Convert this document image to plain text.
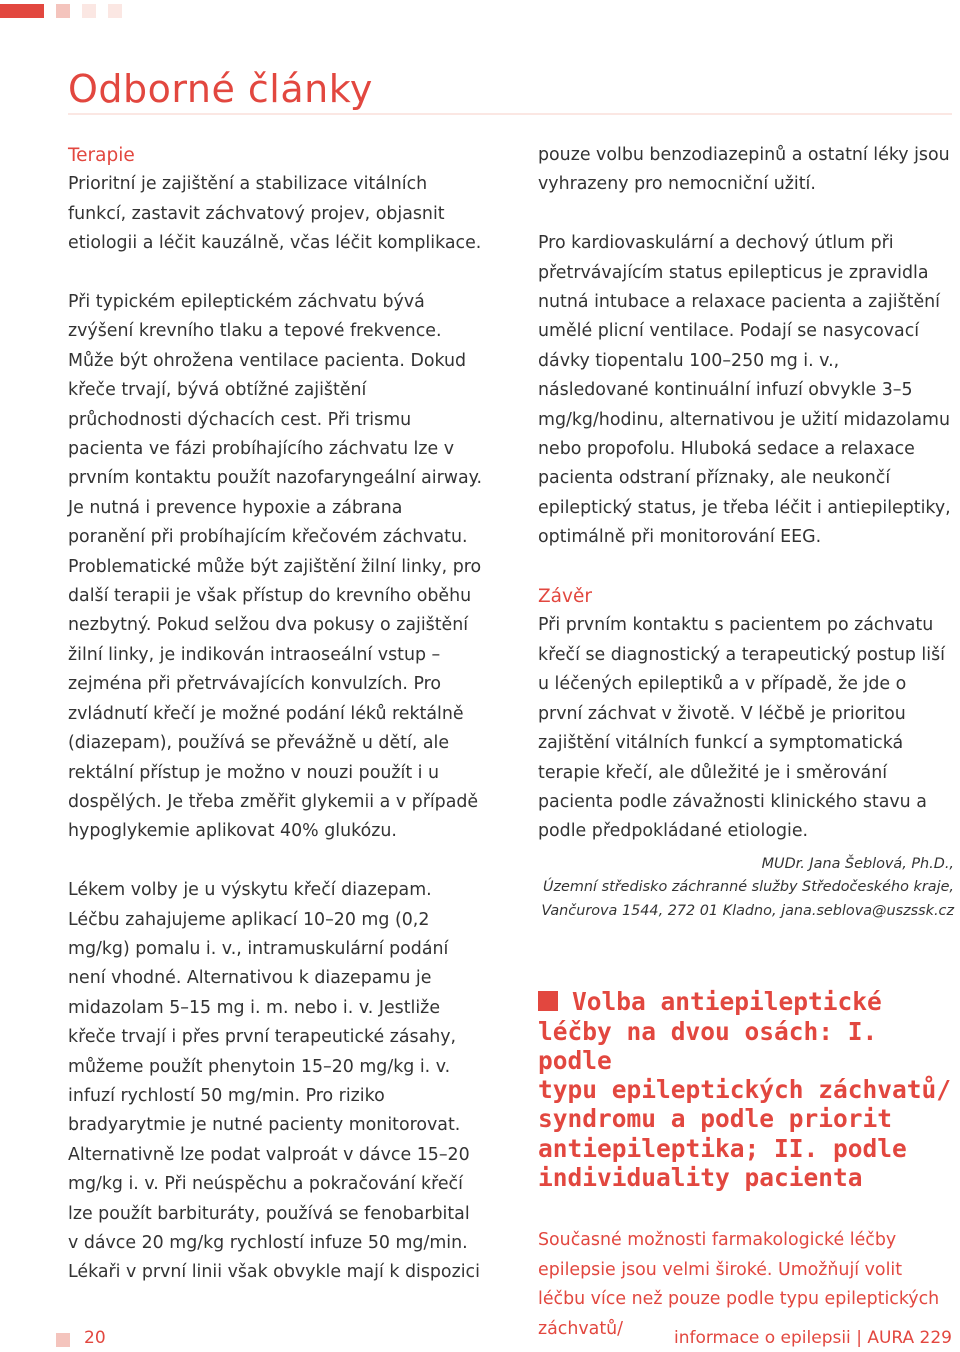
Odborné články
Terapie

Prioritní je zajištění a stabilizace vitálních funkcí, zastavit záchvatový projev, objasnit etiologii a léčit kauzálně, včas léčit komplikace.

Při typickém epileptickém záchvatu bývá zvýšení krevního tlaku a tepové frekvence. Může být ohrožena ventilace pacienta. Dokud křeče trvají, bývá obtížné zajištění průchodnosti dýchacích cest. Při trismu pacienta ve fázi probíhajícího záchvatu lze v prvním kontaktu použít nazofaryngeální airway. Je nutná i prevence hypoxie a zábrana poranění při probíhajícím křečovém záchvatu. Problematické může být zajištění žilní linky, pro další terapii je však přístup do krevního oběhu nezbytný. Pokud selžou dva pokusy o zajištění žilní linky, je indikován intraoseální vstup – zejména při přetrvávajících konvulzích. Pro zvládnutí křečí je možné podání léků rektálně (diazepam), používá se převážně u dětí, ale rektální přístup je možno v nouzi použít i u dospělých. Je třeba změřit glykemii a v případě hypoglykemie aplikovat 40% glukózu.

Lékem volby je u výskytu křečí diazepam. Léčbu zahajujeme aplikací 10–20 mg (0,2 mg/kg) pomalu i. v., intramuskulární podání není vhodné. Alternativou k diazepamu je midazolam 5–15 mg i. m. nebo i. v. Jestliže křeče trvají i přes první terapeutické zásahy, můžeme použít phenytoin 15–20 mg/kg i. v. infuzí rychlostí 50 mg/min. Pro riziko bradyarytmie je nutné pacienty monitorovat. Alternativně lze podat valproát v dávce 15–20 mg/kg i. v. Při neúspěchu a pokračování křečí lze použít barbituráty, používá se fenobarbital v dávce 20 mg/kg rychlostí infuze 50 mg/min. Lékaři v první linii však obvykle mají k dispozici

pouze volbu benzodiazepinů a ostatní léky jsou vyhrazeny pro nemocniční užití.

Pro kardiovaskulární a dechový útlum při přetrvávajícím status epilepticus je zpravidla nutná intubace a relaxace pacienta a zajištění umělé plicní ventilace. Podají se nasycovací dávky tiopentalu 100–250 mg i. v., následované kontinuální infuzí obvykle 3–5 mg/kg/hodinu, alternativou je užití midazolamu nebo propofolu. Hluboká sedace a relaxace pacienta odstraní příznaky, ale neukončí epileptický status, je třeba léčit i antiepileptiky, optimálně při monitorování EEG.

Závěr

Při prvním kontaktu s pacientem po záchvatu křečí se diagnostický a terapeutický postup liší u léčených epileptiků a v případě, že jde o první záchvat v životě. V léčbě je prioritou zajištění vitálních funkcí a symptomatická terapie křečí, ale důležité je i směrování pacienta podle závažnosti klinického stavu a podle předpokládané etiologie.

MUDr. Jana Šeblová, Ph.D.,

Územní středisko záchranné služby Středočeského kraje,

Vančurova 1544, 272 01 Kladno, jana.seblova@uszssk.cz

Volba antiepileptické

léčby na dvou osách: I. podle

typu epileptických záchvatů/

syndromu a podle priorit

antiepileptika; II. podle

individuality pacienta

Současné možnosti farmakologické léčby epilepsie jsou velmi široké. Umožňují volit léčbu více než pouze podle typu epileptických záchvatů/

20	informace o epilepsii | AURA 229
